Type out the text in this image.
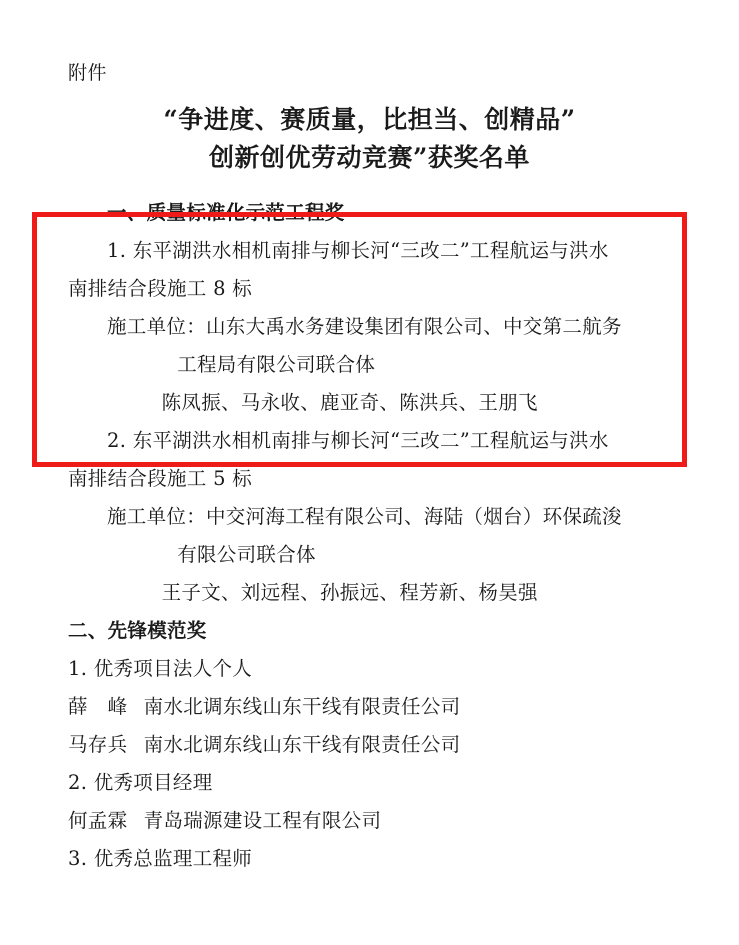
附件
“争进度、赛质量，比担当、创精品”
创新创优劳动竞赛”获奖名单
一、质量标准化示范工程奖
1. 东平湖洪水相机南排与柳长河“三改二”工程航运与洪水
南排结合段施工 8 标
施工单位：山东大禹水务建设集团有限公司、中交第二航务
工程局有限公司联合体
陈凤振、马永收、鹿亚奇、陈洪兵、王朋飞
2. 东平湖洪水相机南排与柳长河“三改二”工程航运与洪水
南排结合段施工 5 标
施工单位：中交河海工程有限公司、海陆（烟台）环保疏浚
有限公司联合体
王子文、刘远程、孙振远、程芳新、杨昊强
二、先锋模范奖
1. 优秀项目法人个人
薛　峰 南水北调东线山东干线有限责任公司
马存兵 南水北调东线山东干线有限责任公司
2. 优秀项目经理
何孟霖 青岛瑞源建设工程有限公司
3. 优秀总监理工程师
